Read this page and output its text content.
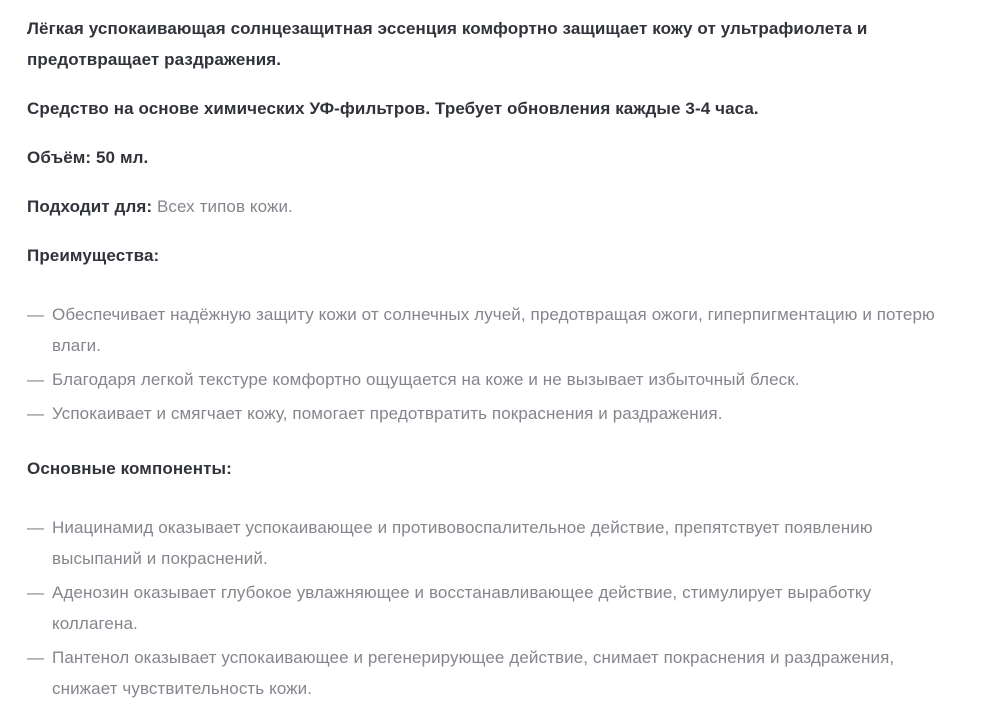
Лёгкая успокаивающая солнцезащитная эссенция комфортно защищает кожу от ультрафиолета и предотвращает раздражения.

Средство на основе химических УФ-фильтров. Требует обновления каждые 3-4 часа.

Объём: 50 мл.

Подходит для: Всех типов кожи.

Преимущества:

— Обеспечивает надёжную защиту кожи от солнечных лучей, предотвращая ожоги, гиперпигментацию и потерю влаги.
— Благодаря легкой текстуре комфортно ощущается на коже и не вызывает избыточный блеск.
— Успокаивает и смягчает кожу, помогает предотвратить покраснения и раздражения.

Основные компоненты:

— Ниацинамид оказывает успокаивающее и противовоспалительное действие, препятствует появлению высыпаний и покраснений.
— Аденозин оказывает глубокое увлажняющее и восстанавливающее действие, стимулирует выработку коллагена.
— Пантенол оказывает успокаивающее и регенерирующее действие, снимает покраснения и раздражения, снижает чувствительность кожи.
